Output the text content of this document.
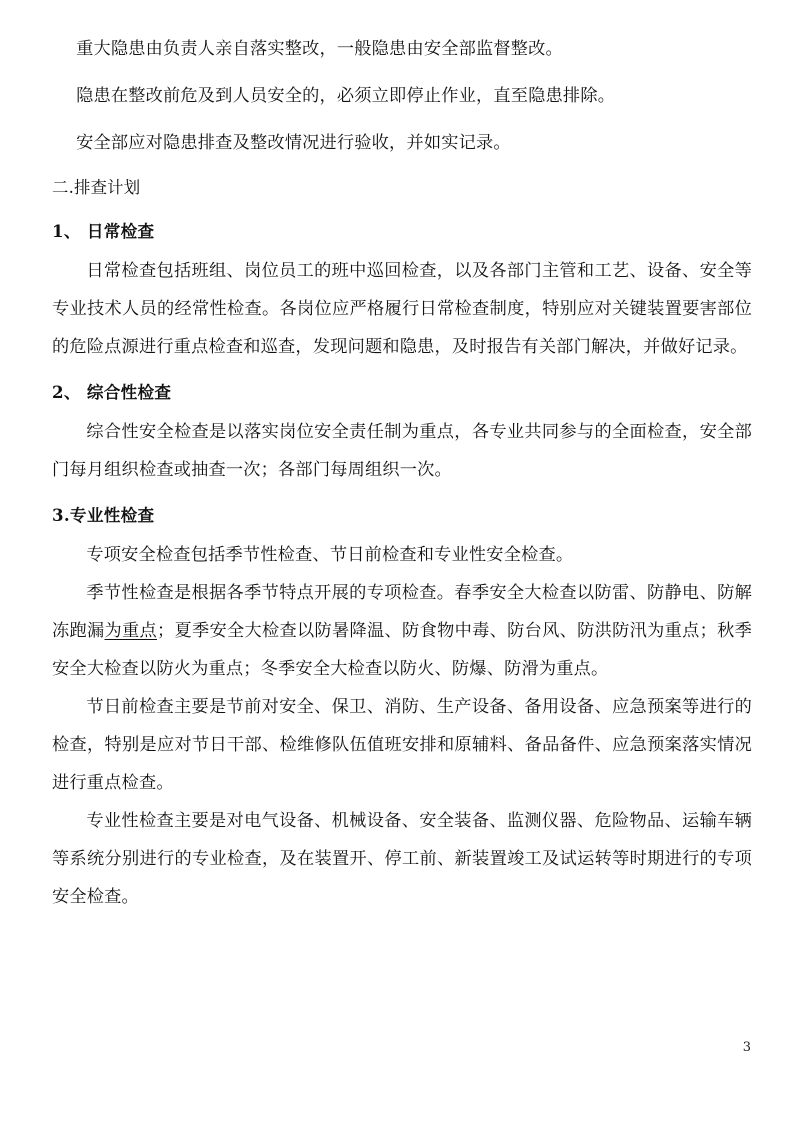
重大隐患由负责人亲自落实整改，一般隐患由安全部监督整改。

隐患在整改前危及到人员安全的，必须立即停止作业，直至隐患排除。

安全部应对隐患排查及整改情况进行验收，并如实记录。

二.排查计划

1、 日常检查

日常检查包括班组、岗位员工的班中巡回检查，以及各部门主管和工艺、设备、安全等专业技术人员的经常性检查。各岗位应严格履行日常检查制度，特别应对关键装置要害部位的危险点源进行重点检查和巡查，发现问题和隐患，及时报告有关部门解决，并做好记录。

2、 综合性检查

综合性安全检查是以落实岗位安全责任制为重点，各专业共同参与的全面检查，安全部门每月组织检查或抽查一次；各部门每周组织一次。

3.专业性检查

专项安全检查包括季节性检查、节日前检查和专业性安全检查。

季节性检查是根据各季节特点开展的专项检查。春季安全大检查以防雷、防静电、防解冻跑漏为重点；夏季安全大检查以防暑降温、防食物中毒、防台风、防洪防汛为重点；秋季安全大检查以防火为重点；冬季安全大检查以防火、防爆、防滑为重点。

节日前检查主要是节前对安全、保卫、消防、生产设备、备用设备、应急预案等进行的检查，特别是应对节日干部、检维修队伍值班安排和原辅料、备品备件、应急预案落实情况进行重点检查。

专业性检查主要是对电气设备、机械设备、安全装备、监测仪器、危险物品、运输车辆等系统分别进行的专业检查，及在装置开、停工前、新装置竣工及试运转等时期进行的专项安全检查。

3
